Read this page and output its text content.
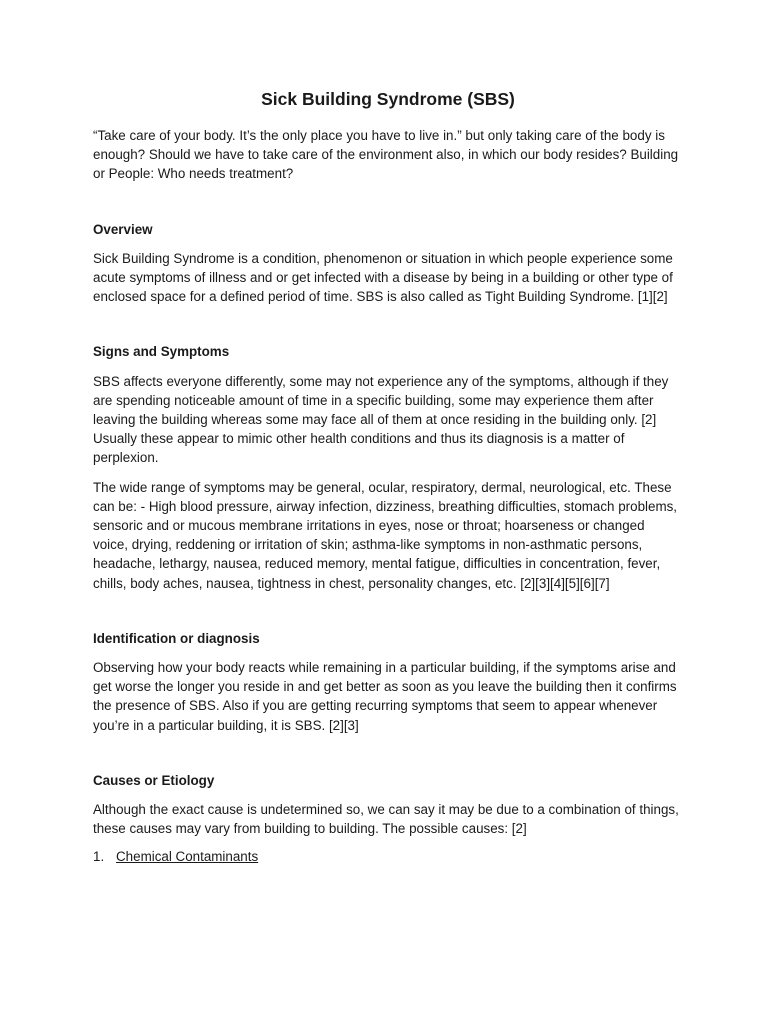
Sick Building Syndrome (SBS)

“Take care of your body. It’s the only place you have to live in.” but only taking care of the body is enough? Should we have to take care of the environment also, in which our body resides? Building or People: Who needs treatment?

Overview

Sick Building Syndrome is a condition, phenomenon or situation in which people experience some acute symptoms of illness and or get infected with a disease by being in a building or other type of enclosed space for a defined period of time. SBS is also called as Tight Building Syndrome. [1][2]

Signs and Symptoms

SBS affects everyone differently, some may not experience any of the symptoms, although if they are spending noticeable amount of time in a specific building, some may experience them after leaving the building whereas some may face all of them at once residing in the building only. [2] Usually these appear to mimic other health conditions and thus its diagnosis is a matter of perplexion.

The wide range of symptoms may be general, ocular, respiratory, dermal, neurological, etc. These can be: - High blood pressure, airway infection, dizziness, breathing difficulties, stomach problems, sensoric and or mucous membrane irritations in eyes, nose or throat; hoarseness or changed voice, drying, reddening or irritation of skin; asthma-like symptoms in non-asthmatic persons, headache, lethargy, nausea, reduced memory, mental fatigue, difficulties in concentration, fever, chills, body aches, nausea, tightness in chest, personality changes, etc. [2][3][4][5][6][7]

Identification or diagnosis

Observing how your body reacts while remaining in a particular building, if the symptoms arise and get worse the longer you reside in and get better as soon as you leave the building then it confirms the presence of SBS. Also if you are getting recurring symptoms that seem to appear whenever you’re in a particular building, it is SBS. [2][3]

Causes or Etiology

Although the exact cause is undetermined so, we can say it may be due to a combination of things, these causes may vary from building to building. The possible causes: [2]

1. Chemical Contaminants
